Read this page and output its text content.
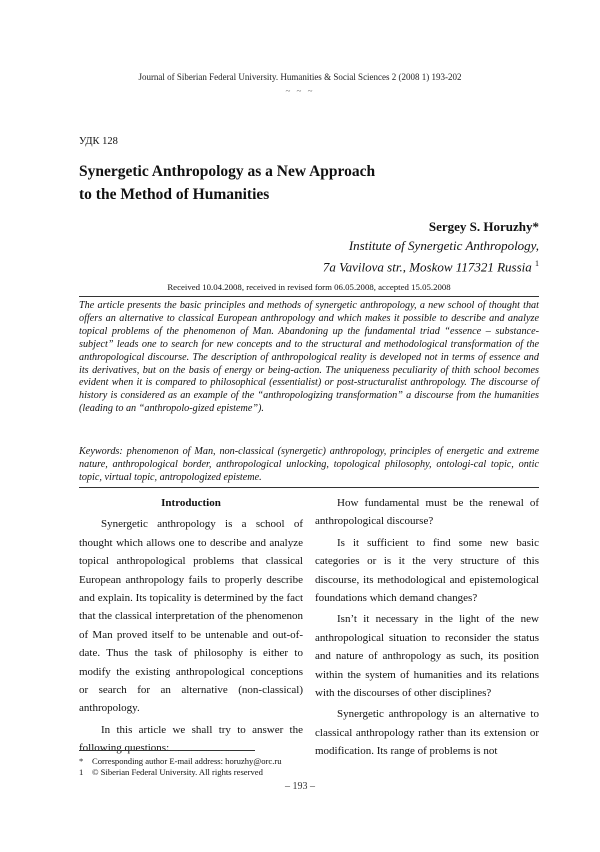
Journal of Siberian Federal University. Humanities & Social Sciences 2 (2008 1) 193-202
~ ~ ~
УДК 128
Synergetic Anthropology as a New Approach
to the Method of Humanities
Sergey S. Horuzhy*
Institute of Synergetic Anthropology,
7a Vavilova str., Moskow 117321 Russia $^1$
Received 10.04.2008, received in revised form 06.05.2008, accepted 15.05.2008
The article presents the basic principles and methods of synergetic anthropology, a new school of thought that offers an alternative to classical European anthropology and which makes it possible to describe and analyze topical problems of the phenomenon of Man. Abandoning up the fundamental triad “essence – substance-subject” leads one to search for new concepts and to the structural and methodological transformation of the anthropological discourse. The description of anthropological reality is developed not in terms of essence and its derivatives, but on the basis of energy or being-action. The uniqueness peculiarity of thith school becomes evident when it is compared to philosophical (essentialist) or post-structuralist anthropology. The discourse of history is considered as an example of the “anthropologizing transformation” a discourse from the humanities (leading to an “anthropolo-gized episteme”).
Keywords: phenomenon of Man, non-classical (synergetic) anthropology, principles of energetic and extreme nature, anthropological border, anthropological unlocking, topological philosophy, ontologi-cal topic, ontic topic, virtual topic, antropologized episteme.
Introduction

Synergetic anthropology is a school of thought which allows one to describe and analyze topical anthropological problems that classical European anthropology fails to properly describe and explain. Its topicality is determined by the fact that the classical interpretation of the phenomenon of Man proved itself to be untenable and out-of-date. Thus the task of philosophy is either to modify the existing anthropological conceptions or search for an alternative (non-classical) anthropology.

In this article we shall try to answer the following questions:

How fundamental must be the renewal of anthropological discourse?

Is it sufficient to find some new basic categories or is it the very structure of this discourse, its methodological and epistemological foundations which demand changes?

Isn’t it necessary in the light of the new anthropological situation to reconsider the status and nature of anthropology as such, its position within the system of humanities and its relations with the discourses of other disciplines?

Synergetic anthropology is an alternative to classical anthropology rather than its extension or modification. Its range of problems is not

*	Corresponding author E-mail address: horuzhy@orc.ru
1	© Siberian Federal University. All rights reserved
– 193 –
